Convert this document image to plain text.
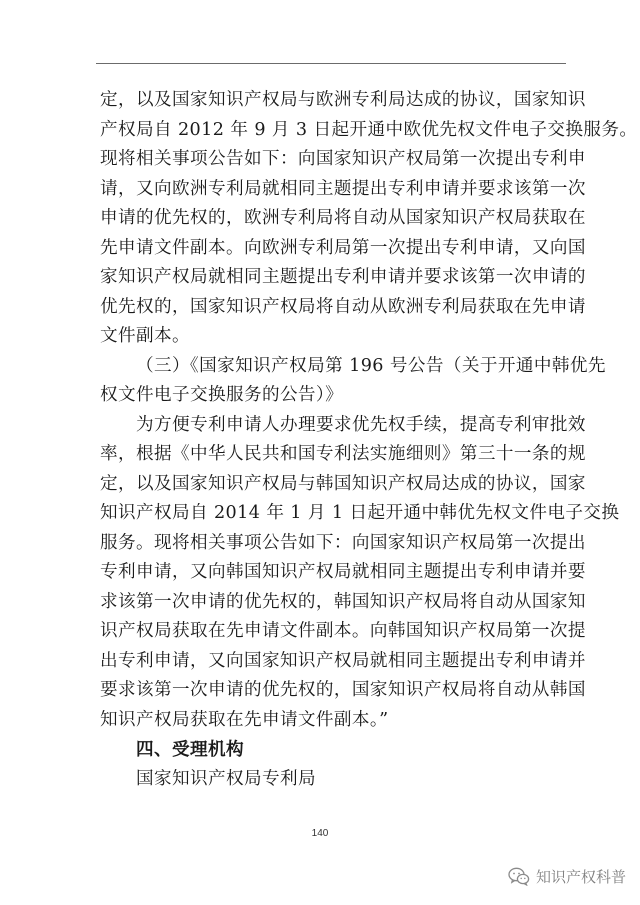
定，以及国家知识产权局与欧洲专利局达成的协议，国家知识
产权局自 2012 年 9 月 3 日起开通中欧优先权文件电子交换服务。
现将相关事项公告如下：向国家知识产权局第一次提出专利申
请，又向欧洲专利局就相同主题提出专利申请并要求该第一次
申请的优先权的，欧洲专利局将自动从国家知识产权局获取在
先申请文件副本。向欧洲专利局第一次提出专利申请，又向国
家知识产权局就相同主题提出专利申请并要求该第一次申请的
优先权的，国家知识产权局将自动从欧洲专利局获取在先申请
文件副本。
（三）《国家知识产权局第 196 号公告（关于开通中韩优先
权文件电子交换服务的公告）》
为方便专利申请人办理要求优先权手续，提高专利审批效
率，根据《中华人民共和国专利法实施细则》第三十一条的规
定，以及国家知识产权局与韩国知识产权局达成的协议，国家
知识产权局自 2014 年 1 月 1 日起开通中韩优先权文件电子交换
服务。现将相关事项公告如下：向国家知识产权局第一次提出
专利申请，又向韩国知识产权局就相同主题提出专利申请并要
求该第一次申请的优先权的，韩国知识产权局将自动从国家知
识产权局获取在先申请文件副本。向韩国知识产权局第一次提
出专利申请，又向国家知识产权局就相同主题提出专利申请并
要求该第一次申请的优先权的，国家知识产权局将自动从韩国
知识产权局获取在先申请文件副本。”
四、受理机构
国家知识产权局专利局
140
知识产权科普
